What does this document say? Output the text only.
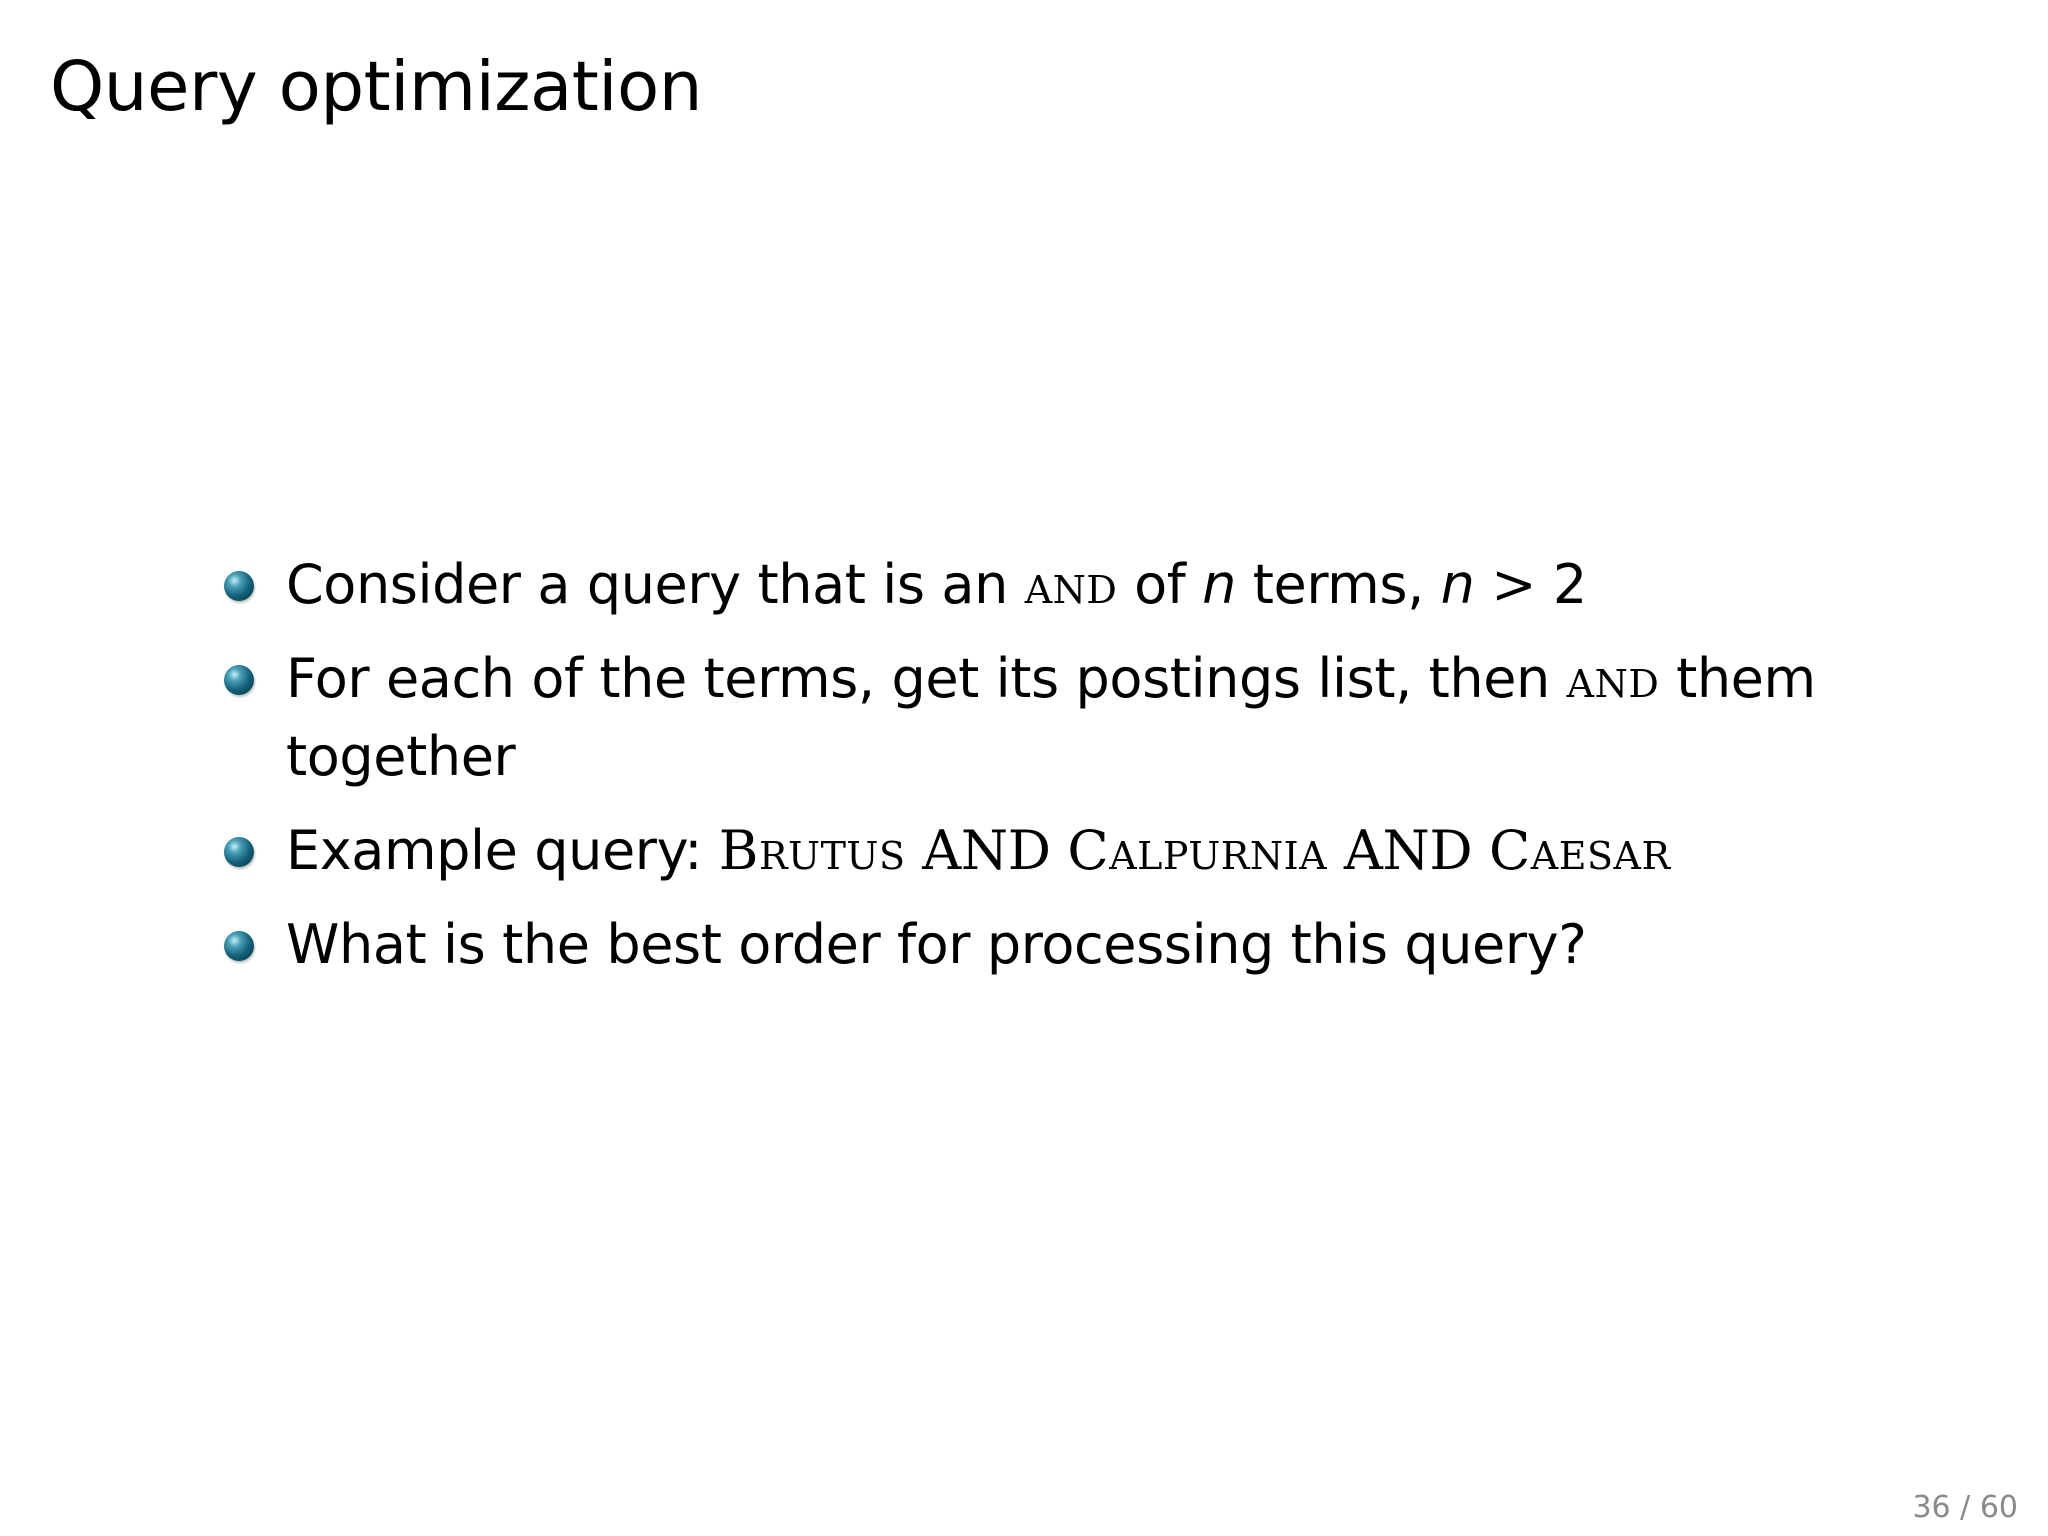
Query optimization
Consider a query that is an and of n terms, n > 2
For each of the terms, get its postings list, then and them together
Example query: Brutus AND Calpurnia AND Caesar
What is the best order for processing this query?
36 / 60
